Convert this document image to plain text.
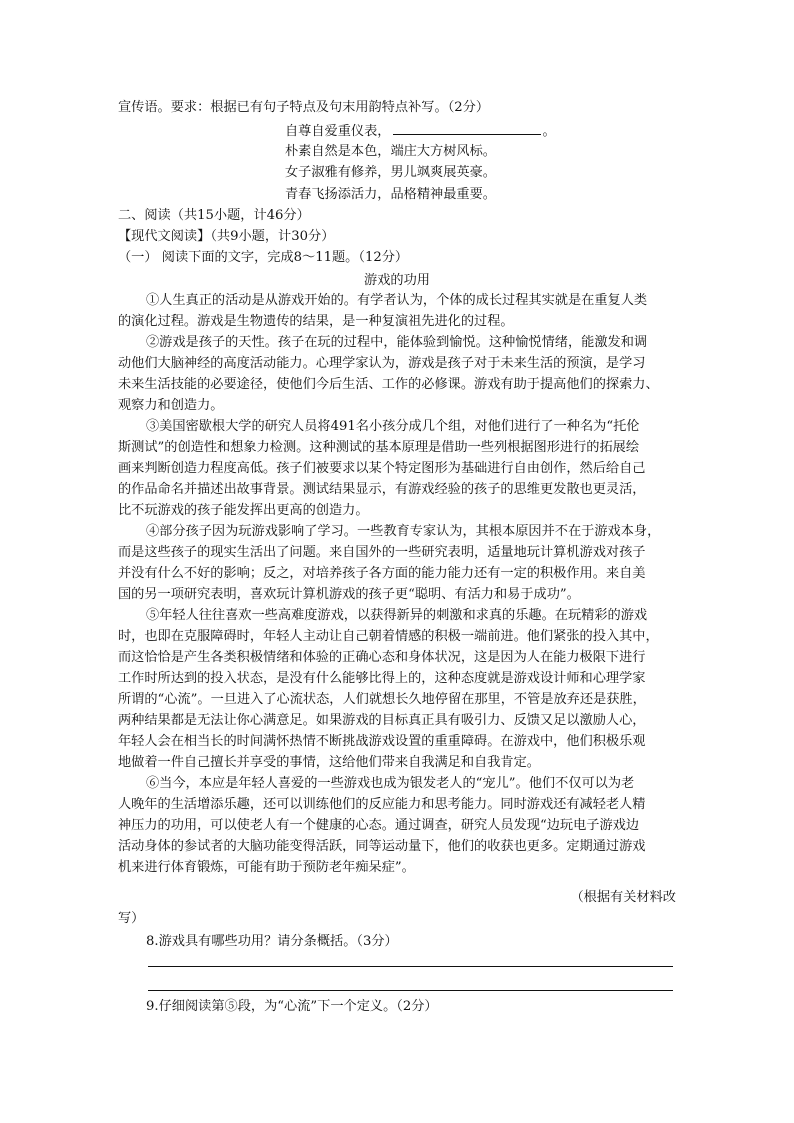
宣传语。要求：根据已有句子特点及句末用韵特点补写。（2分）
自尊自爱重仪表，	。
朴素自然是本色，端庄大方树风标。
女子淑雅有修养，男儿飒爽展英豪。
青春飞扬添活力，品格精神最重要。
二、阅读（共15小题，计46分）
【现代文阅读】（共9小题，计30分）
（一） 阅读下面的文字，完成8～11题。（12分）
游戏的功用
①人生真正的活动是从游戏开始的。有学者认为，个体的成长过程其实就是在重复人类
的演化过程。游戏是生物遗传的结果，是一种复演祖先进化的过程。
②游戏是孩子的天性。孩子在玩的过程中，能体验到愉悦。这种愉悦情绪，能激发和调
动他们大脑神经的高度活动能力。心理学家认为，游戏是孩子对于未来生活的预演，是学习
未来生活技能的必要途径，使他们今后生活、工作的必修课。游戏有助于提高他们的探索力、
观察力和创造力。
③美国密歇根大学的研究人员将491名小孩分成几个组，对他们进行了一种名为“托伦
斯测试”的创造性和想象力检测。这种测试的基本原理是借助一些列根据图形进行的拓展绘
画来判断创造力程度高低。孩子们被要求以某个特定图形为基础进行自由创作，然后给自己
的作品命名并描述出故事背景。测试结果显示，有游戏经验的孩子的思维更发散也更灵活，
比不玩游戏的孩子能发挥出更高的创造力。
④部分孩子因为玩游戏影响了学习。一些教育专家认为，其根本原因并不在于游戏本身，
而是这些孩子的现实生活出了问题。来自国外的一些研究表明，适量地玩计算机游戏对孩子
并没有什么不好的影响；反之，对培养孩子各方面的能力能力还有一定的积极作用。来自美
国的另一项研究表明，喜欢玩计算机游戏的孩子更“聪明、有活力和易于成功”。
⑤年轻人往往喜欢一些高难度游戏，以获得新异的刺激和求真的乐趣。在玩精彩的游戏
时，也即在克服障碍时，年轻人主动让自己朝着情感的积极一端前进。他们紧张的投入其中，
而这恰恰是产生各类积极情绪和体验的正确心态和身体状况，这是因为人在能力极限下进行
工作时所达到的投入状态，是没有什么能够比得上的，这种态度就是游戏设计师和心理学家
所谓的“心流”。一旦进入了心流状态，人们就想长久地停留在那里，不管是放弃还是获胜，
两种结果都是无法让你心满意足。如果游戏的目标真正具有吸引力、反馈又足以激励人心，
年轻人会在相当长的时间满怀热情不断挑战游戏设置的重重障碍。在游戏中，他们积极乐观
地做着一件自己擅长并享受的事情，这给他们带来自我满足和自我肯定。
⑥当今，本应是年轻人喜爱的一些游戏也成为银发老人的“宠儿”。他们不仅可以为老
人晚年的生活增添乐趣，还可以训练他们的反应能力和思考能力。同时游戏还有减轻老人精
神压力的功用，可以使老人有一个健康的心态。通过调查，研究人员发现“边玩电子游戏边
活动身体的参试者的大脑功能变得活跃，同等运动量下，他们的收获也更多。定期通过游戏
机来进行体育锻炼，可能有助于预防老年痴呆症”。
（根据有关材料改
写）
8.游戏具有哪些功用？请分条概括。（3分）
9.仔细阅读第⑤段，为“心流”下一个定义。（2分）
